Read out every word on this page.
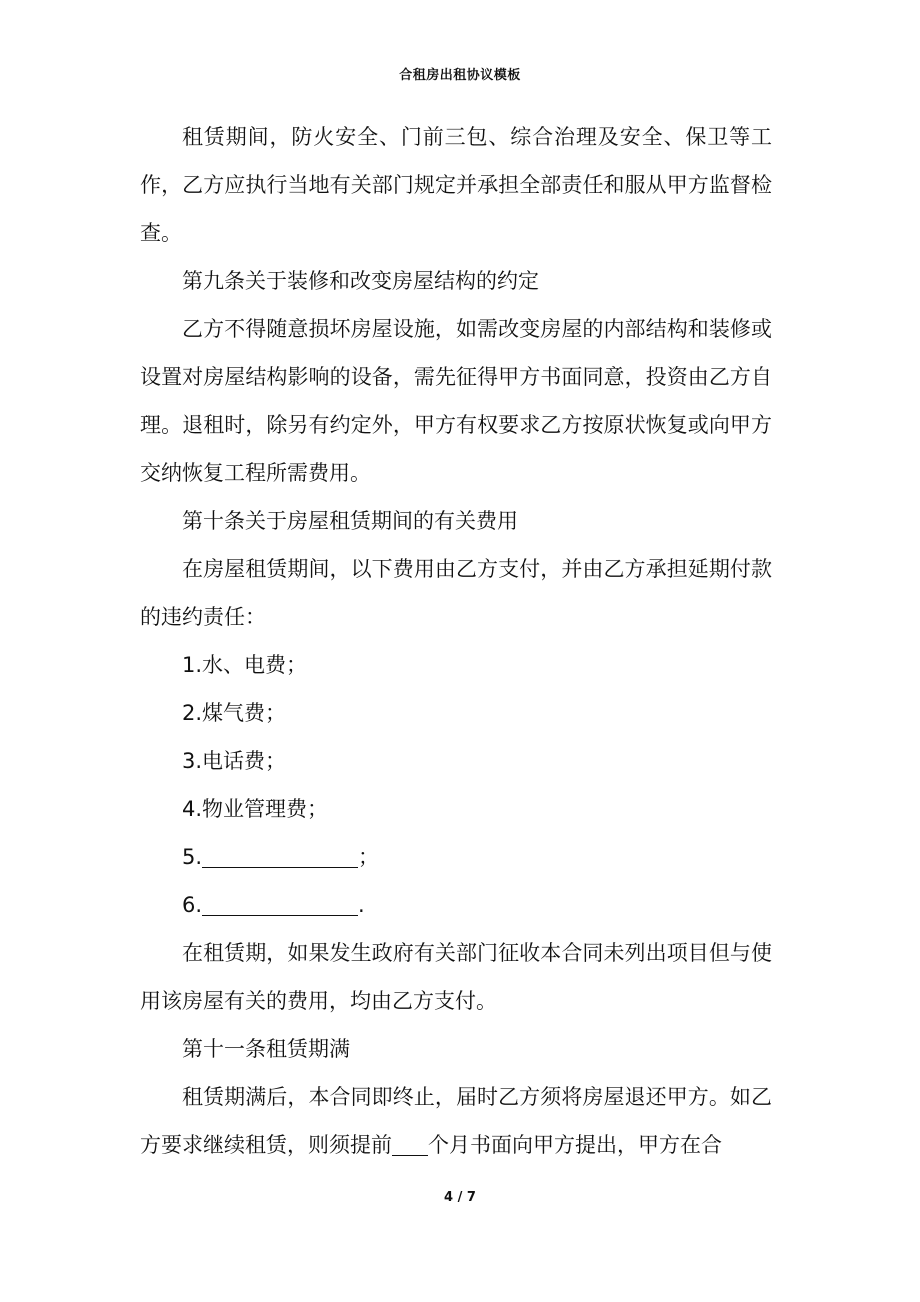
合租房出租协议模板

租赁期间，防火安全、门前三包、综合治理及安全、保卫等工作，乙方应执行当地有关部门规定并承担全部责任和服从甲方监督检查。

第九条关于装修和改变房屋结构的约定

乙方不得随意损坏房屋设施，如需改变房屋的内部结构和装修或设置对房屋结构影响的设备，需先征得甲方书面同意，投资由乙方自理。退租时，除另有约定外，甲方有权要求乙方按原状恢复或向甲方交纳恢复工程所需费用。

第十条关于房屋租赁期间的有关费用

在房屋租赁期间，以下费用由乙方支付，并由乙方承担延期付款的违约责任：

1.水、电费；

2.煤气费；

3.电话费；

4.物业管理费；

5.	；

6.	.

在租赁期，如果发生政府有关部门征收本合同未列出项目但与使用该房屋有关的费用，均由乙方支付。

第十一条租赁期满

租赁期满后，本合同即终止，届时乙方须将房屋退还甲方。如乙方要求继续租赁，则须提前 个月书面向甲方提出，甲方在合

4 / 7
